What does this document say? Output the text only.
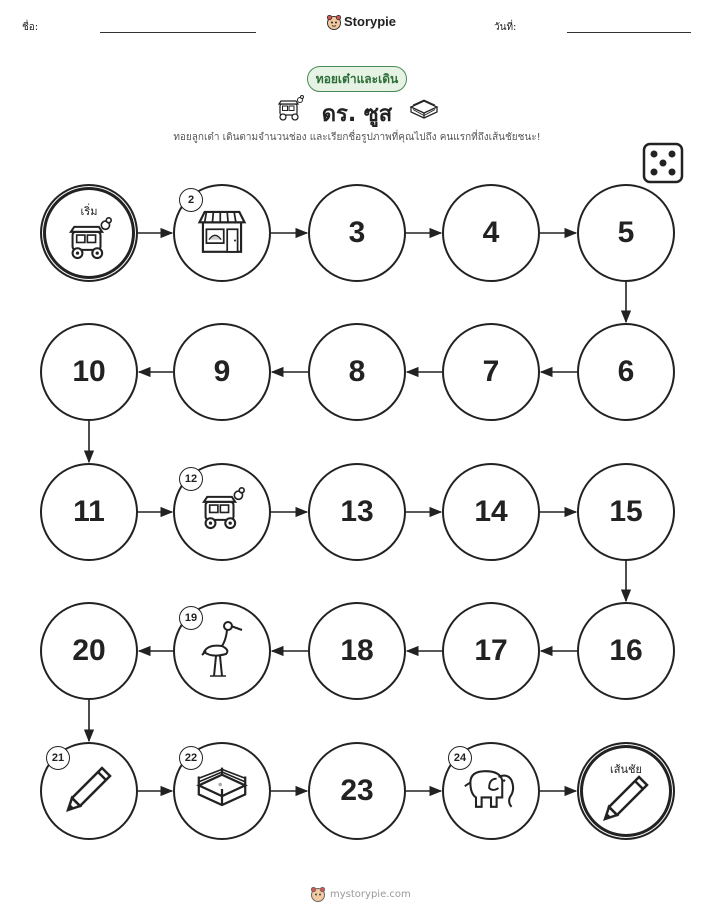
ชื่อ:	Storypie	วันที่:
ทอยเต๋าและเดิน
ดร. ซูส
ทอยลูกเต๋า เดินตามจำนวนช่อง และเรียกชื่อรูปภาพที่คุณไปถึง คนแรกที่ถึงเส้นชัยชนะ!
เริ่ม
2
3	4	5
6
7
8
9
10
11
12
13	14	15
16
17
18
19
20
21	22
23
24
เส้นชัย
mystorypie.com
